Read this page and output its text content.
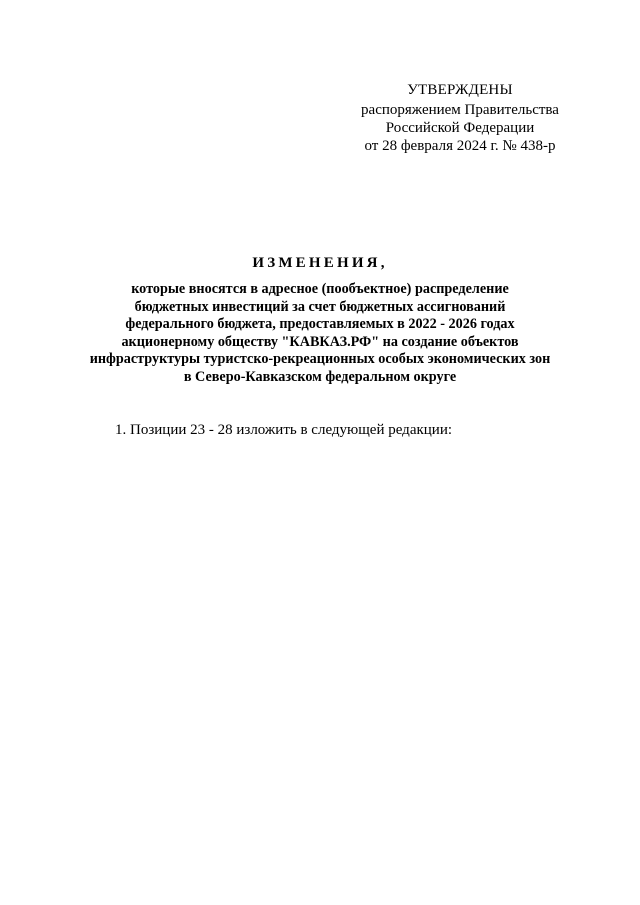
УТВЕРЖДЕНЫ
распоряжением Правительства
Российской Федерации
от 28 февраля 2024 г. № 438-р
ИЗМЕНЕНИЯ,
которые вносятся в адресное (пообъектное) распределение
бюджетных инвестиций за счет бюджетных ассигнований
федерального бюджета, предоставляемых в 2022 - 2026 годах
акционерному обществу "КАВКАЗ.РФ" на создание объектов
инфраструктуры туристско-рекреационных особых экономических зон
в Северо-Кавказском федеральном округе
1. Позиции 23 - 28 изложить в следующей редакции:
